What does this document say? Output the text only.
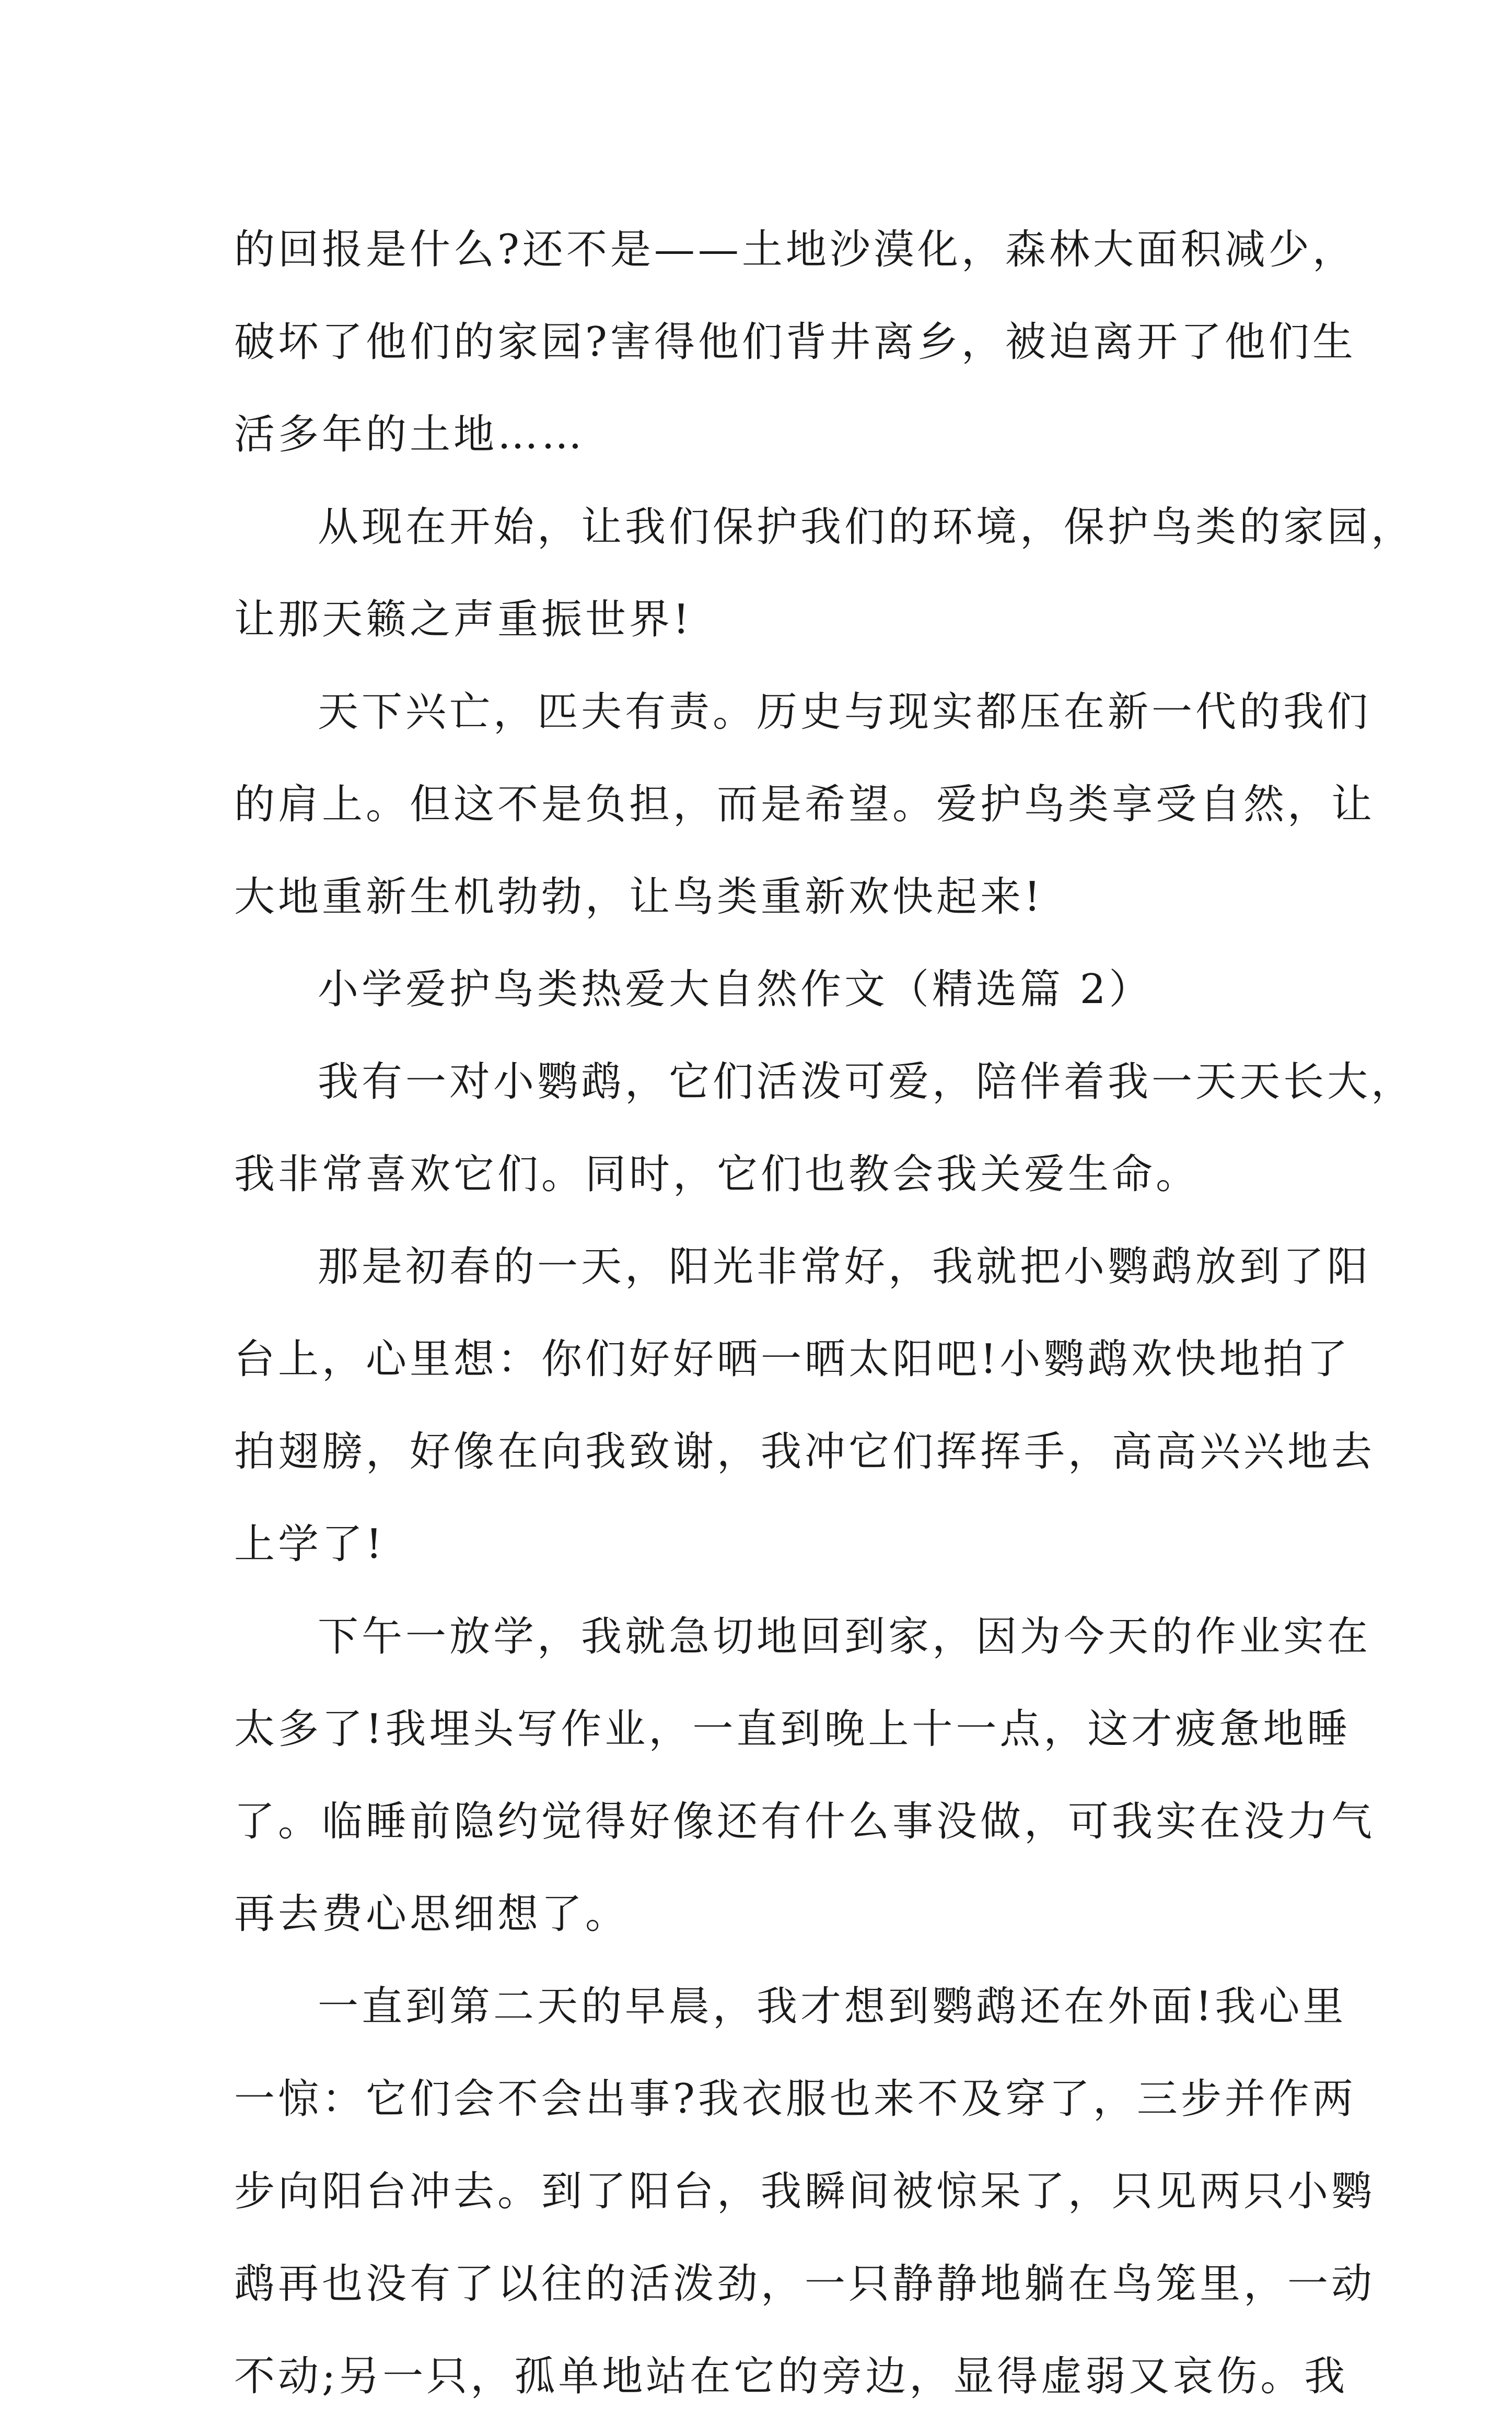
的回报是什么?还不是——土地沙漠化，森林大面积减少，
破坏了他们的家园?害得他们背井离乡，被迫离开了他们生
活多年的土地……

从现在开始，让我们保护我们的环境，保护鸟类的家园，
让那天籁之声重振世界!

天下兴亡，匹夫有责。历史与现实都压在新一代的我们
的肩上。但这不是负担，而是希望。爱护鸟类享受自然，让
大地重新生机勃勃，让鸟类重新欢快起来!

小学爱护鸟类热爱大自然作文（精选篇 2）

我有一对小鹦鹉，它们活泼可爱，陪伴着我一天天长大，
我非常喜欢它们。同时，它们也教会我关爱生命。

那是初春的一天，阳光非常好，我就把小鹦鹉放到了阳
台上，心里想：你们好好晒一晒太阳吧!小鹦鹉欢快地拍了
拍翅膀，好像在向我致谢，我冲它们挥挥手，高高兴兴地去
上学了!

下午一放学，我就急切地回到家，因为今天的作业实在
太多了!我埋头写作业，一直到晚上十一点，这才疲惫地睡
了。临睡前隐约觉得好像还有什么事没做，可我实在没力气
再去费心思细想了。

一直到第二天的早晨，我才想到鹦鹉还在外面!我心里
一惊：它们会不会出事?我衣服也来不及穿了，三步并作两
步向阳台冲去。到了阳台，我瞬间被惊呆了，只见两只小鹦
鹉再也没有了以往的活泼劲，一只静静地躺在鸟笼里，一动
不动;另一只，孤单地站在它的旁边，显得虚弱又哀伤。我
